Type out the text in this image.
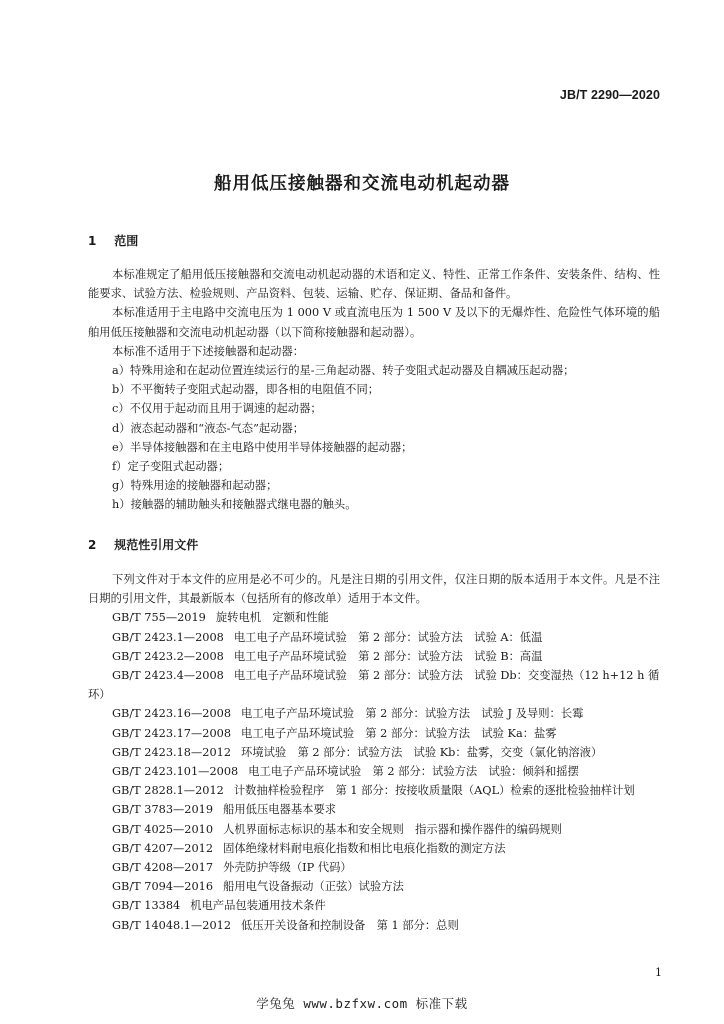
JB/T 2290—2020
船用低压接触器和交流电动机起动器
1 范围

本标准规定了船用低压接触器和交流电动机起动器的术语和定义、特性、正常工作条件、安装条件、结构、性能要求、试验方法、检验规则、产品资料、包装、运输、贮存、保证期、备品和备件。

本标准适用于主电路中交流电压为 1 000 V 或直流电压为 1 500 V 及以下的无爆炸性、危险性气体环境的船舶用低压接触器和交流电动机起动器（以下简称接触器和起动器）。

本标准不适用于下述接触器和起动器：

a）特殊用途和在起动位置连续运行的星-三角起动器、转子变阻式起动器及自耦减压起动器；

b）不平衡转子变阻式起动器，即各相的电阻值不同；

c）不仅用于起动而且用于调速的起动器；

d）液态起动器和“液态-气态”起动器；

e）半导体接触器和在主电路中使用半导体接触器的起动器；

f）定子变阻式起动器；

g）特殊用途的接触器和起动器；

h）接触器的辅助触头和接触器式继电器的触头。

2 规范性引用文件

下列文件对于本文件的应用是必不可少的。凡是注日期的引用文件，仅注日期的版本适用于本文件。凡是不注日期的引用文件，其最新版本（包括所有的修改单）适用于本文件。

GB/T 755—2019 旋转电机　定额和性能

GB/T 2423.1—2008 电工电子产品环境试验　第 2 部分：试验方法　试验 A：低温

GB/T 2423.2—2008 电工电子产品环境试验　第 2 部分：试验方法　试验 B：高温

GB/T 2423.4—2008 电工电子产品环境试验　第 2 部分：试验方法　试验 Db：交变湿热（12 h+12 h 循环）

GB/T 2423.16—2008 电工电子产品环境试验　第 2 部分：试验方法　试验 J 及导则：长霉

GB/T 2423.17—2008 电工电子产品环境试验　第 2 部分：试验方法　试验 Ka：盐雾

GB/T 2423.18—2012 环境试验　第 2 部分：试验方法　试验 Kb：盐雾，交变（氯化钠溶液）

GB/T 2423.101—2008 电工电子产品环境试验　第 2 部分：试验方法　试验：倾斜和摇摆

GB/T 2828.1—2012 计数抽样检验程序　第 1 部分：按接收质量限（AQL）检索的逐批检验抽样计划

GB/T 3783—2019 船用低压电器基本要求

GB/T 4025—2010 人机界面标志标识的基本和安全规则　指示器和操作器件的编码规则

GB/T 4207—2012 固体绝缘材料耐电痕化指数和相比电痕化指数的测定方法

GB/T 4208—2017 外壳防护等级（IP 代码）

GB/T 7094—2016 船用电气设备振动（正弦）试验方法

GB/T 13384 机电产品包装通用技术条件

GB/T 14048.1—2012 低压开关设备和控制设备　第 1 部分：总则

1
学兔兔 www.bzfxw.com 标准下载
